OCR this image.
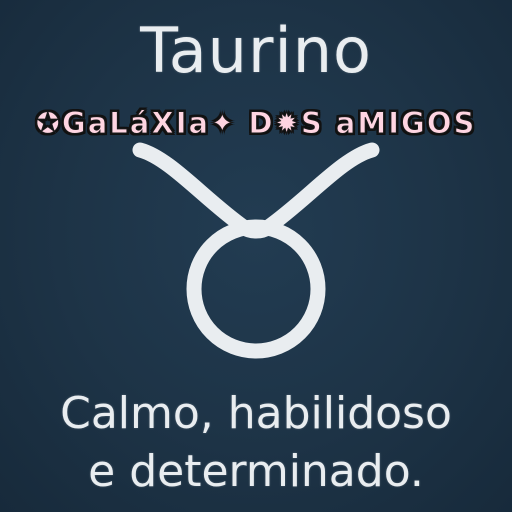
Taurino
✪GaLáXIa✦ D✹S aMIGOS
Calmo, habilidoso
e determinado.
